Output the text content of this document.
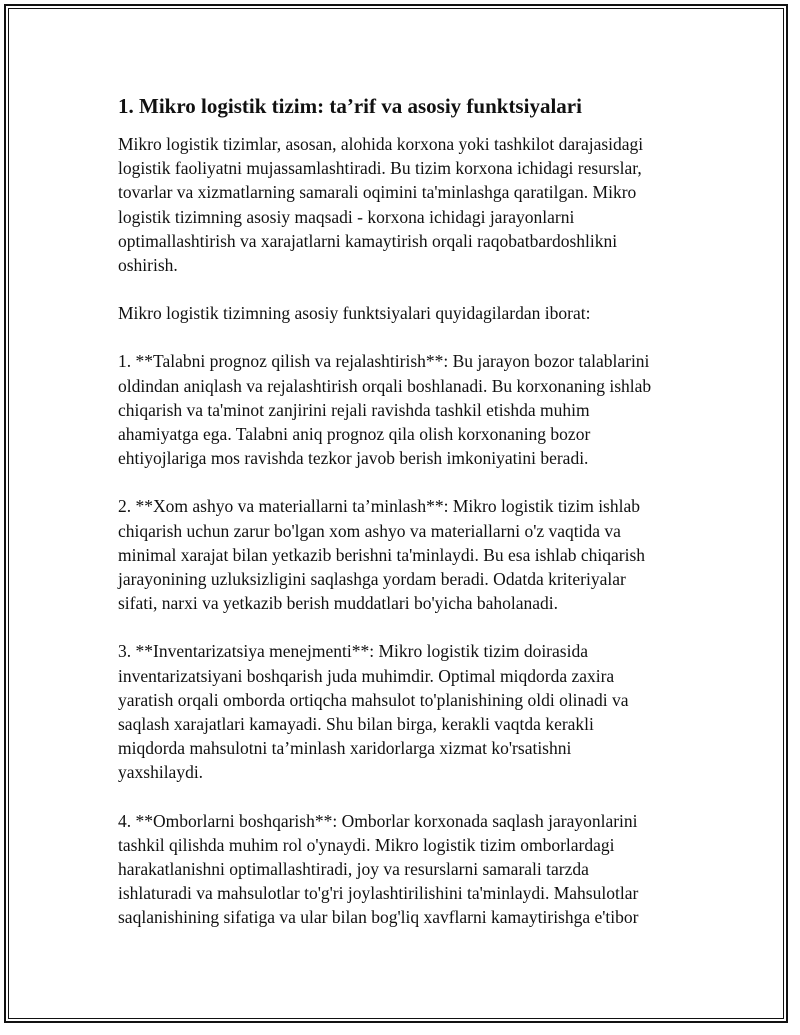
1. Mikro logistik tizim: ta’rif va asosiy funktsiyalari

Mikro logistik tizimlar, asosan, alohida korxona yoki tashkilot darajasidagi
logistik faoliyatni mujassamlashtiradi. Bu tizim korxona ichidagi resurslar,
tovarlar va xizmatlarning samarali oqimini ta'minlashga qaratilgan. Mikro
logistik tizimning asosiy maqsadi - korxona ichidagi jarayonlarni
optimallashtirish va xarajatlarni kamaytirish orqali raqobatbardoshlikni
oshirish.

Mikro logistik tizimning asosiy funktsiyalari quyidagilardan iborat:

1. **Talabni prognoz qilish va rejalashtirish**: Bu jarayon bozor talablarini
oldindan aniqlash va rejalashtirish orqali boshlanadi. Bu korxonaning ishlab
chiqarish va ta'minot zanjirini rejali ravishda tashkil etishda muhim
ahamiyatga ega. Talabni aniq prognoz qila olish korxonaning bozor
ehtiyojlariga mos ravishda tezkor javob berish imkoniyatini beradi.

2. **Xom ashyo va materiallarni ta’minlash**: Mikro logistik tizim ishlab
chiqarish uchun zarur bo'lgan xom ashyo va materiallarni o'z vaqtida va
minimal xarajat bilan yetkazib berishni ta'minlaydi. Bu esa ishlab chiqarish
jarayonining uzluksizligini saqlashga yordam beradi. Odatda kriteriyalar
sifati, narxi va yetkazib berish muddatlari bo'yicha baholanadi.

3. **Inventarizatsiya menejmenti**: Mikro logistik tizim doirasida
inventarizatsiyani boshqarish juda muhimdir. Optimal miqdorda zaxira
yaratish orqali omborda ortiqcha mahsulot to'planishining oldi olinadi va
saqlash xarajatlari kamayadi. Shu bilan birga, kerakli vaqtda kerakli
miqdorda mahsulotni ta’minlash xaridorlarga xizmat ko'rsatishni
yaxshilaydi.

4. **Omborlarni boshqarish**: Omborlar korxonada saqlash jarayonlarini
tashkil qilishda muhim rol o'ynaydi. Mikro logistik tizim omborlardagi
harakatlanishni optimallashtiradi, joy va resurslarni samarali tarzda
ishlaturadi va mahsulotlar to'g'ri joylashtirilishini ta'minlaydi. Mahsulotlar
saqlanishining sifatiga va ular bilan bog'liq xavflarni kamaytirishga e'tibor
